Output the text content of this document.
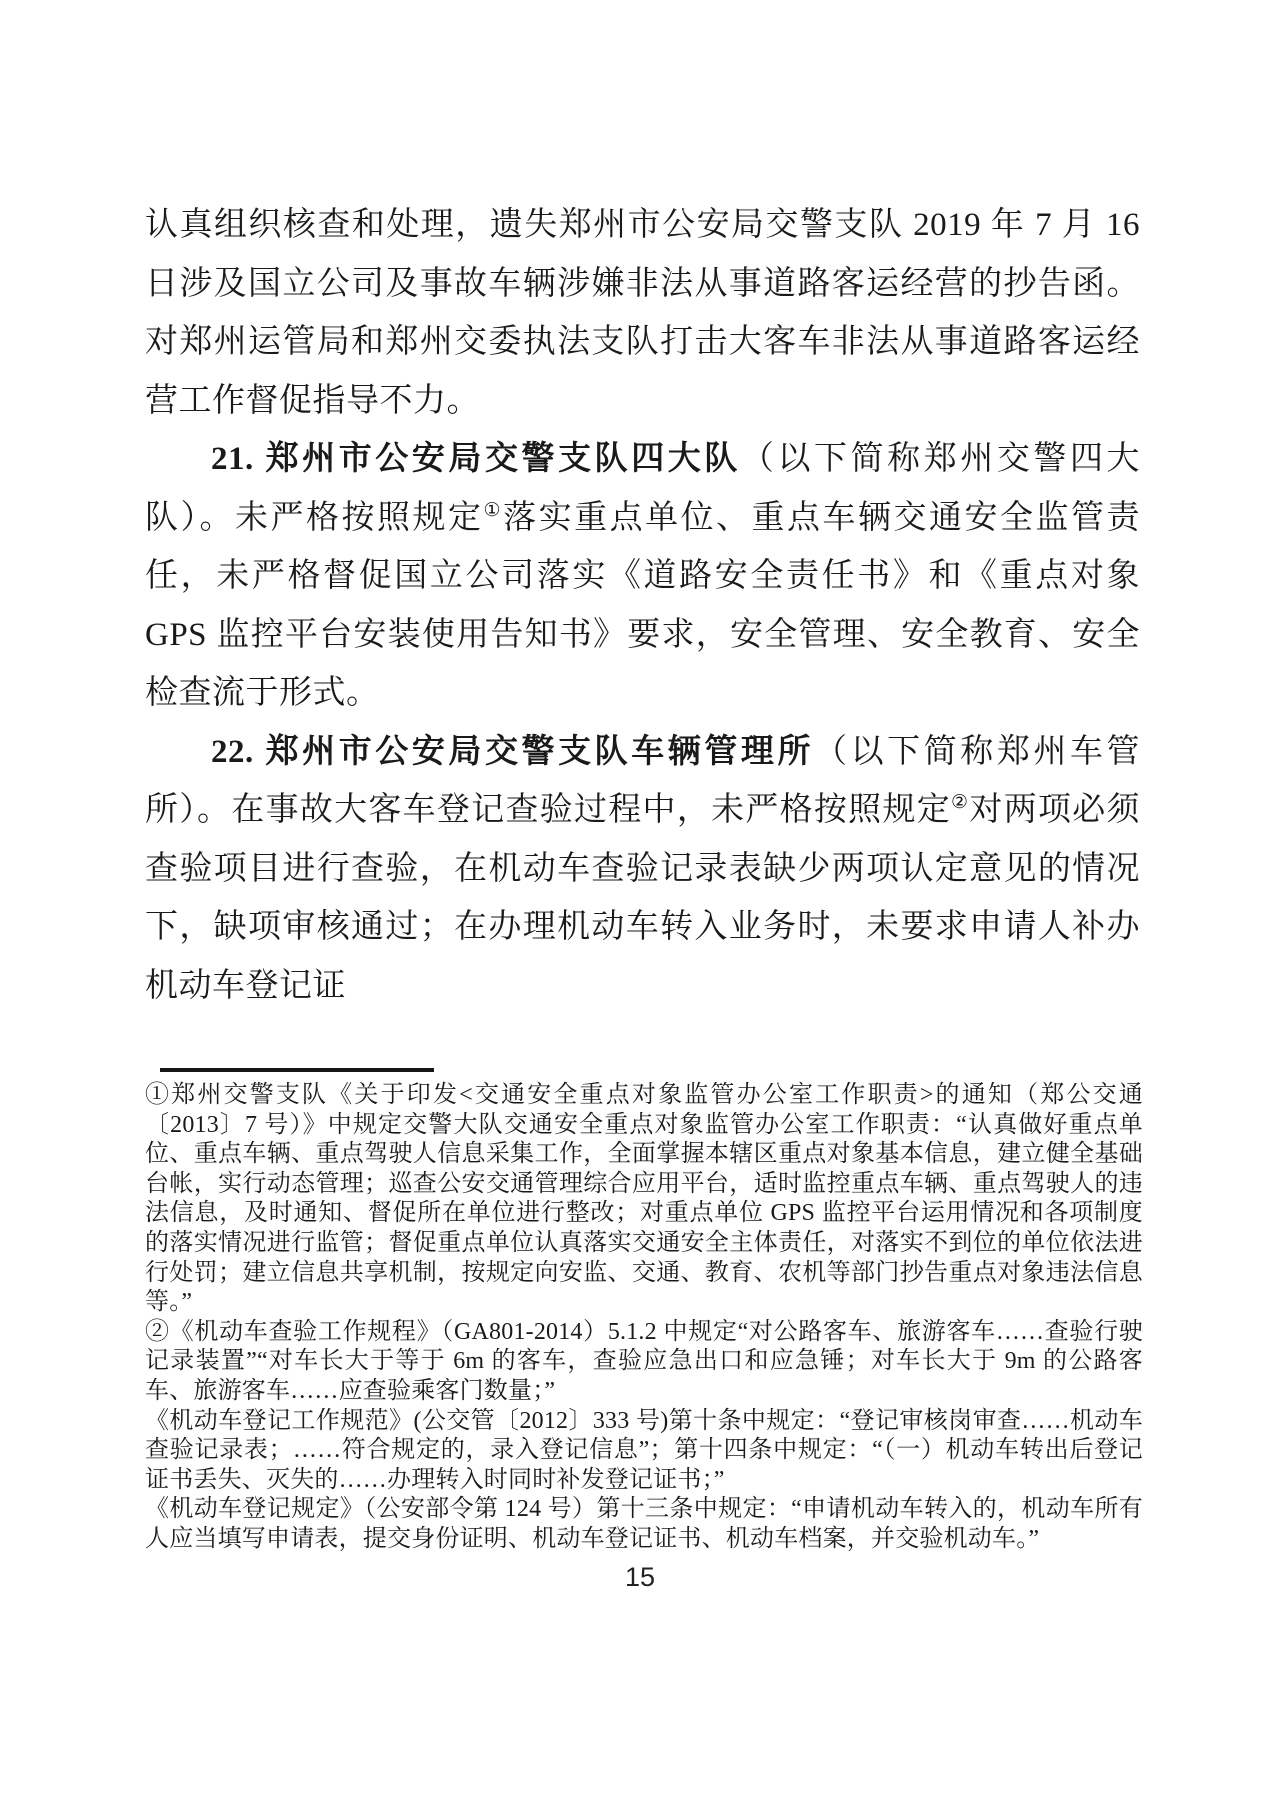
认真组织核查和处理，遗失郑州市公安局交警支队 2019 年 7 月 16 日涉及国立公司及事故车辆涉嫌非法从事道路客运经营的抄告函。对郑州运管局和郑州交委执法支队打击大客车非法从事道路客运经营工作督促指导不力。

21. 郑州市公安局交警支队四大队（以下简称郑州交警四大队）。未严格按照规定①落实重点单位、重点车辆交通安全监管责任，未严格督促国立公司落实《道路安全责任书》和《重点对象 GPS 监控平台安装使用告知书》要求，安全管理、安全教育、安全检查流于形式。

22. 郑州市公安局交警支队车辆管理所（以下简称郑州车管所）。在事故大客车登记查验过程中，未严格按照规定②对两项必须查验项目进行查验，在机动车查验记录表缺少两项认定意见的情况下，缺项审核通过；在办理机动车转入业务时，未要求申请人补办机动车登记证

①郑州交警支队《关于印发<交通安全重点对象监管办公室工作职责>的通知（郑公交通〔2013〕7 号）》中规定交警大队交通安全重点对象监管办公室工作职责：“认真做好重点单位、重点车辆、重点驾驶人信息采集工作，全面掌握本辖区重点对象基本信息，建立健全基础台帐，实行动态管理；巡查公安交通管理综合应用平台，适时监控重点车辆、重点驾驶人的违法信息，及时通知、督促所在单位进行整改；对重点单位 GPS 监控平台运用情况和各项制度的落实情况进行监管；督促重点单位认真落实交通安全主体责任，对落实不到位的单位依法进行处罚；建立信息共享机制，按规定向安监、交通、教育、农机等部门抄告重点对象违法信息等。”

②《机动车查验工作规程》（GA801-2014）5.1.2 中规定“对公路客车、旅游客车……查验行驶记录装置”“对车长大于等于 6m 的客车，查验应急出口和应急锤；对车长大于 9m 的公路客车、旅游客车……应查验乘客门数量；”

《机动车登记工作规范》(公交管〔2012〕333 号)第十条中规定：“登记审核岗审查……机动车查验记录表；……符合规定的，录入登记信息”；第十四条中规定：“（一）机动车转出后登记证书丢失、灭失的……办理转入时同时补发登记证书；”

《机动车登记规定》（公安部令第 124 号）第十三条中规定：“申请机动车转入的，机动车所有人应当填写申请表，提交身份证明、机动车登记证书、机动车档案，并交验机动车。”

15
